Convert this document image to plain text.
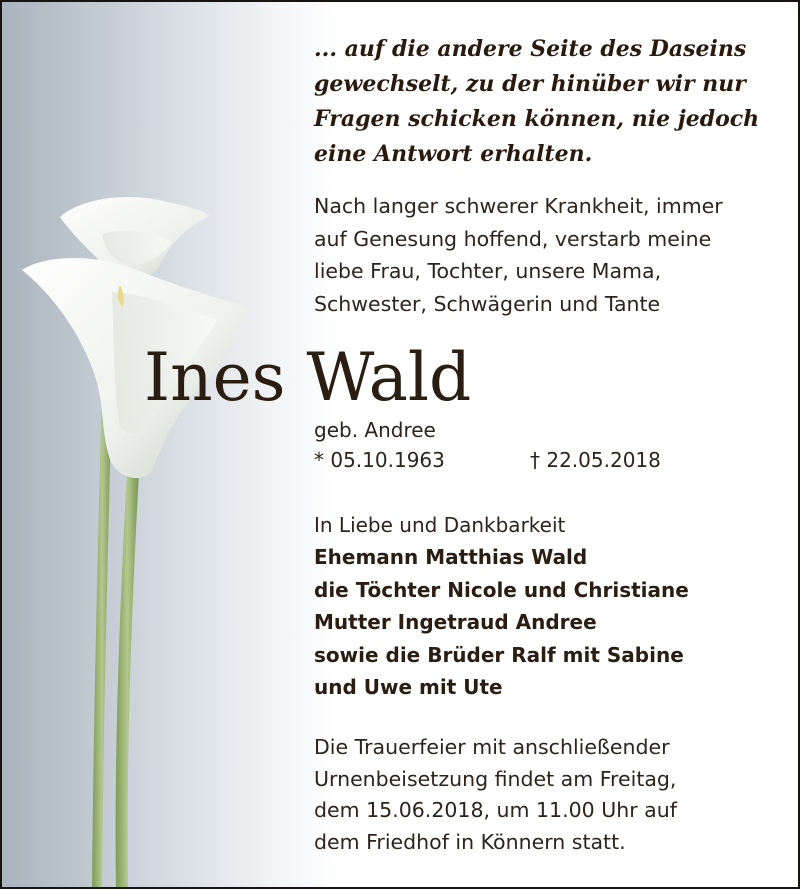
... auf die andere Seite des Daseins
gewechselt, zu der hinüber wir nur
Fragen schicken können, nie jedoch
eine Antwort erhalten.

Nach langer schwerer Krankheit, immer
auf Genesung hoffend, verstarb meine
liebe Frau, Tochter, unsere Mama,
Schwester, Schwägerin und Tante

Ines Wald
geb. Andree
* 05.10.1963	† 22.05.2018
In Liebe und Dankbarkeit
Ehemann Matthias Wald
die Töchter Nicole und Christiane
Mutter Ingetraud Andree
sowie die Brüder Ralf mit Sabine
und Uwe mit Ute

Die Trauerfeier mit anschließender
Urnenbeisetzung findet am Freitag,
dem 15.06.2018, um 11.00 Uhr auf
dem Friedhof in Könnern statt.
